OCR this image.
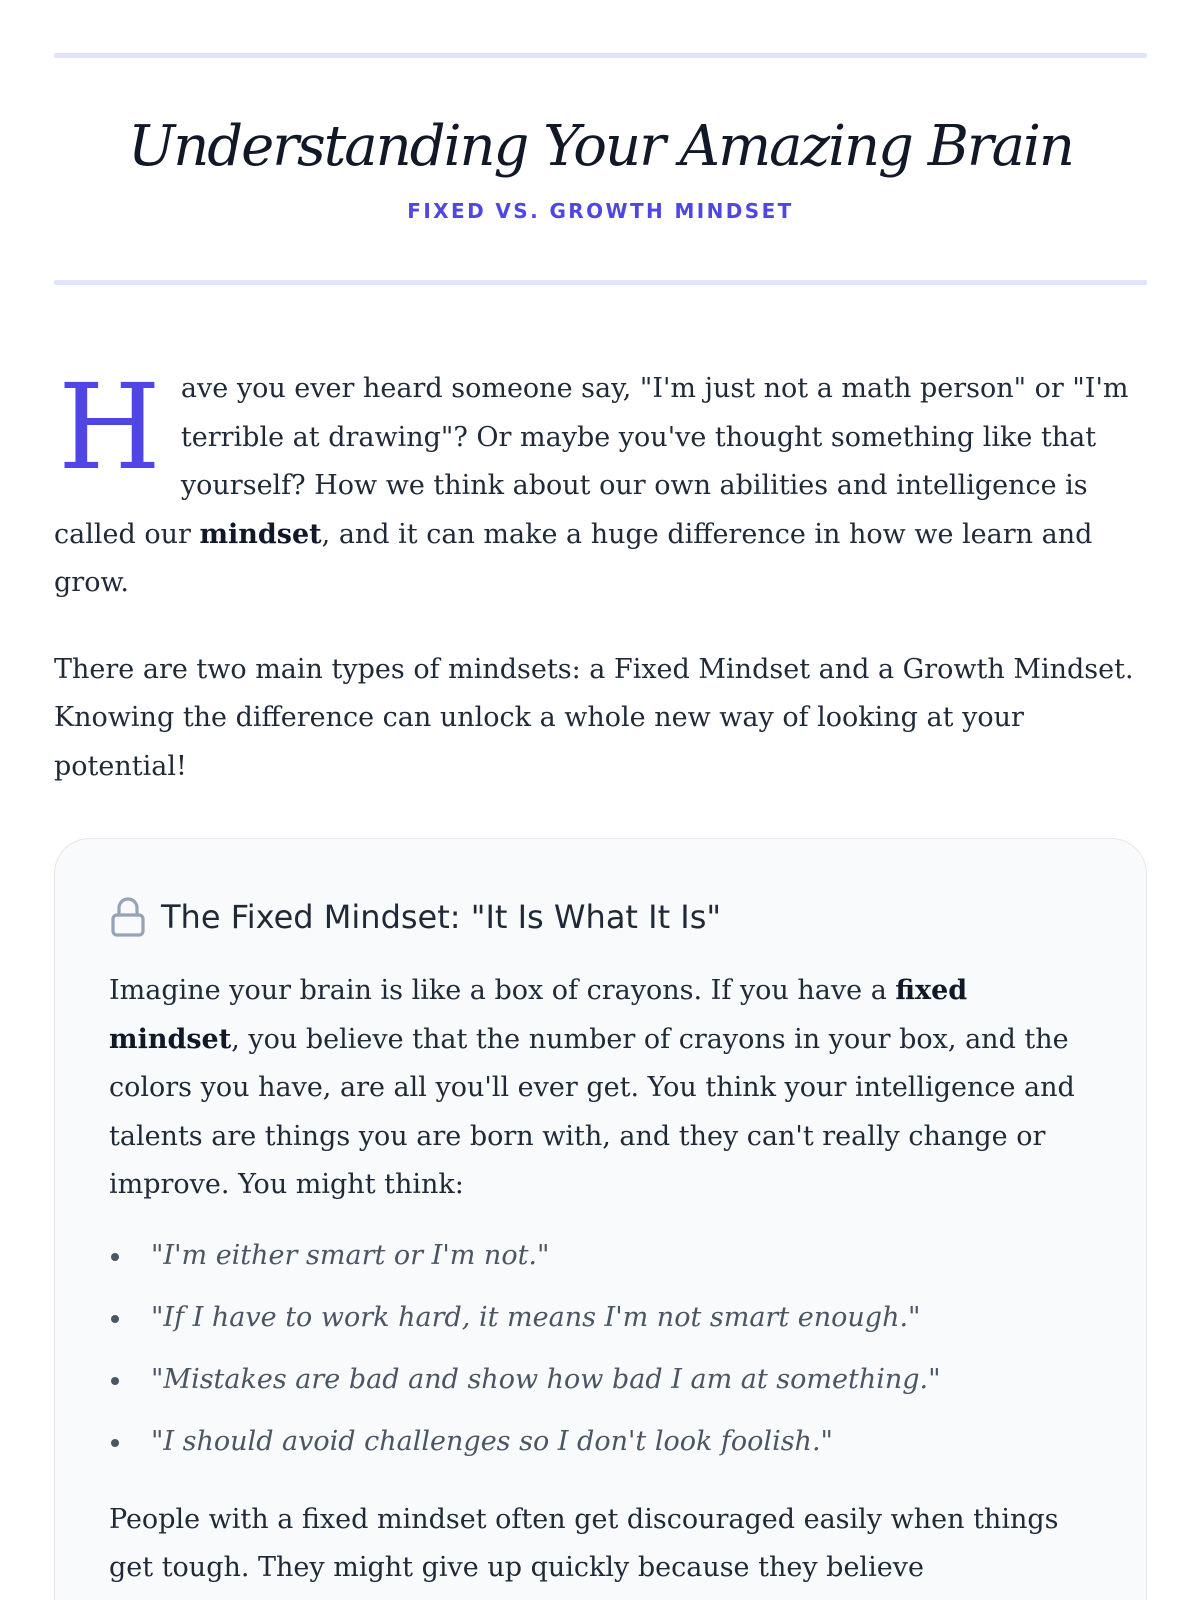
Understanding Your Amazing Brain
FIXED VS. GROWTH MINDSET

Have you ever heard someone say, "I'm just not a math person" or "I'm terrible at drawing"? Or maybe you've thought something like that yourself? How we think about our own abilities and intelligence is called our mindset, and it can make a huge difference in how we learn and grow.

There are two main types of mindsets: a Fixed Mindset and a Growth Mindset. Knowing the difference can unlock a whole new way of looking at your potential!

The Fixed Mindset: "It Is What It Is"

Imagine your brain is like a box of crayons. If you have a fixed mindset, you believe that the number of crayons in your box, and the colors you have, are all you'll ever get. You think your intelligence and talents are things you are born with, and they can't really change or improve. You might think:

"I'm either smart or I'm not."
"If I have to work hard, it means I'm not smart enough."
"Mistakes are bad and show how bad I am at something."
"I should avoid challenges so I don't look foolish."

People with a fixed mindset often get discouraged easily when things get tough. They might give up quickly because they believe
